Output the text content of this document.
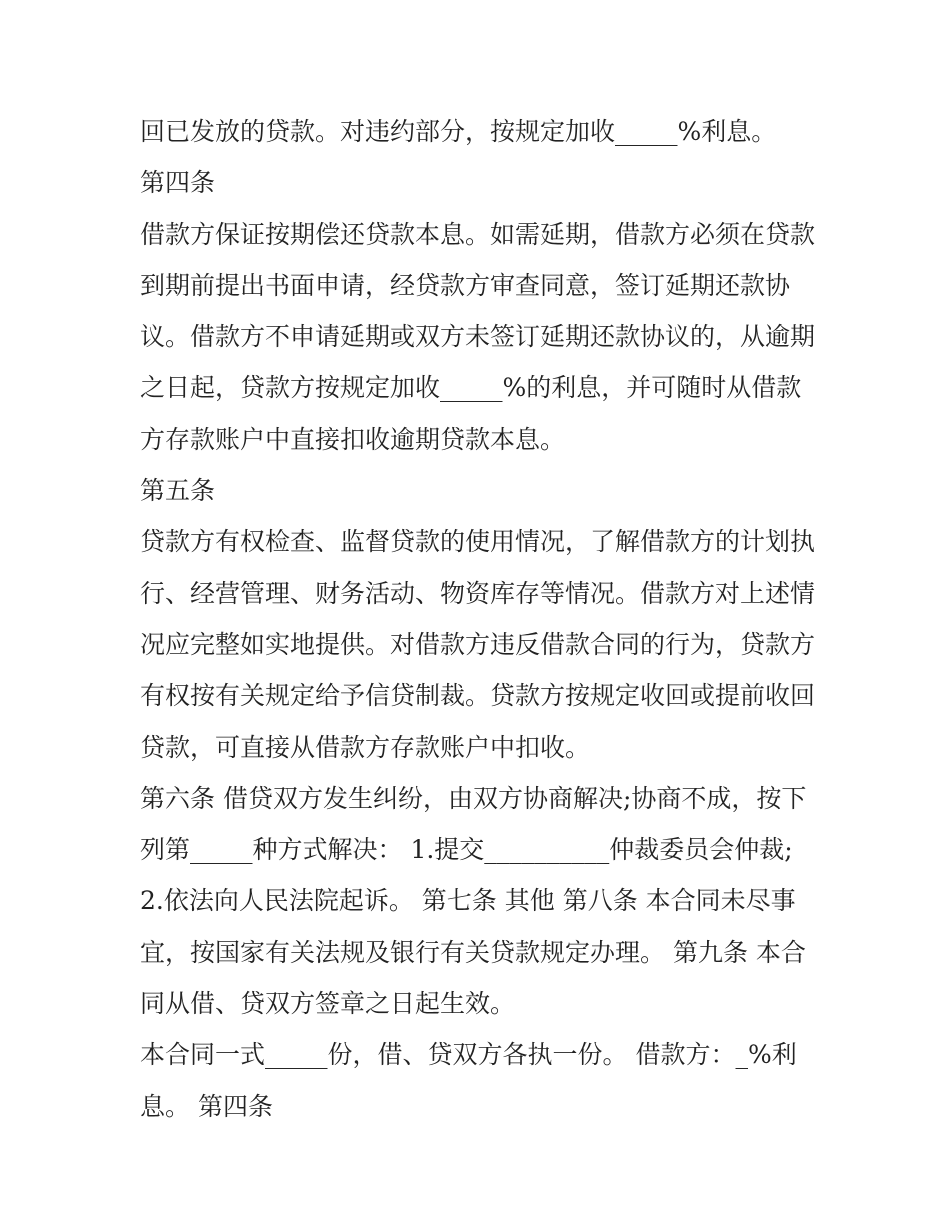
回已发放的贷款。对违约部分，按规定加收_____%利息。
第四条
借款方保证按期偿还贷款本息。如需延期，借款方必须在贷款
到期前提出书面申请，经贷款方审查同意，签订延期还款协
议。借款方不申请延期或双方未签订延期还款协议的，从逾期
之日起，贷款方按规定加收_____%的利息，并可随时从借款
方存款账户中直接扣收逾期贷款本息。
第五条
贷款方有权检查、监督贷款的使用情况，了解借款方的计划执
行、经营管理、财务活动、物资库存等情况。借款方对上述情
况应完整如实地提供。对借款方违反借款合同的行为，贷款方
有权按有关规定给予信贷制裁。贷款方按规定收回或提前收回
贷款，可直接从借款方存款账户中扣收。
第六条 借贷双方发生纠纷，由双方协商解决;协商不成，按下
列第_____种方式解决： 1.提交__________仲裁委员会仲裁;
2.依法向人民法院起诉。 第七条 其他 第八条 本合同未尽事
宜，按国家有关法规及银行有关贷款规定办理。 第九条 本合
同从借、贷双方签章之日起生效。
本合同一式_____份，借、贷双方各执一份。 借款方：_%利
息。 第四条
